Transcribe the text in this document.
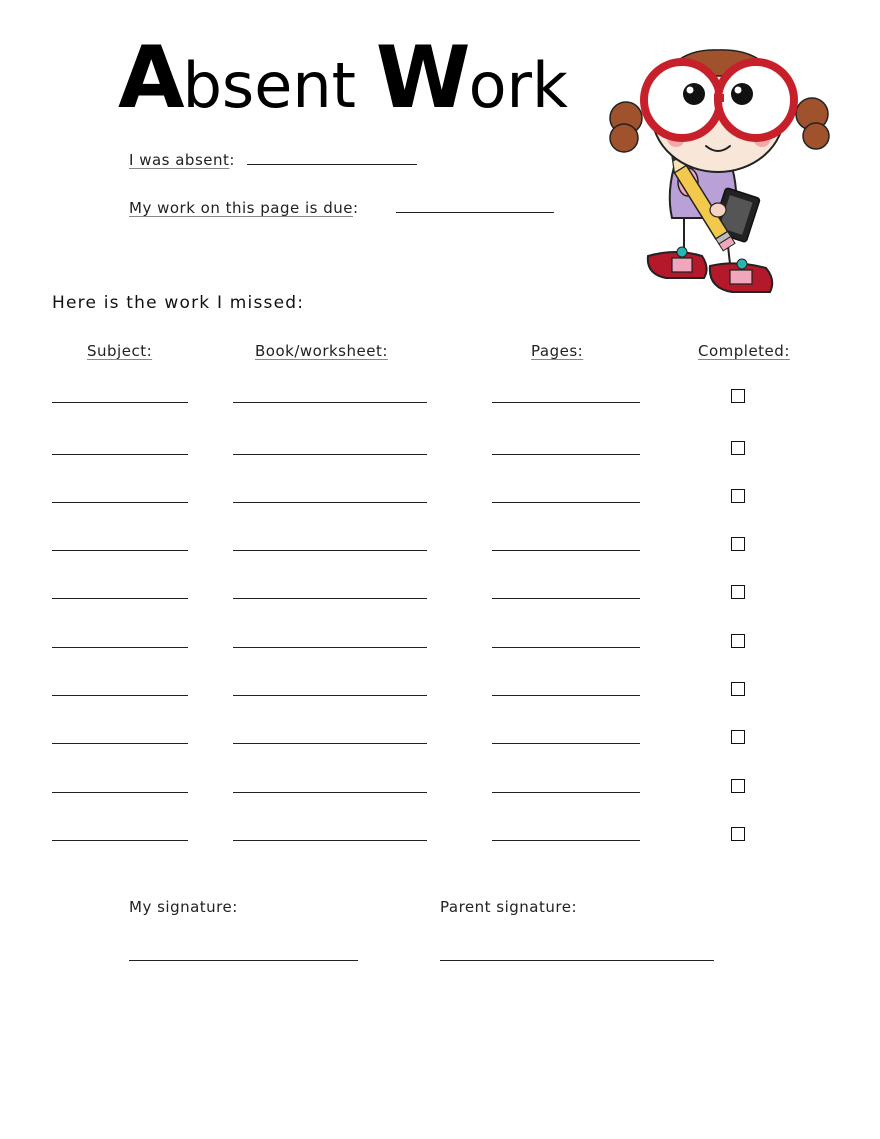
Absent Work
I was absent:
My work on this page is due:
Here is the work I missed:
Subject:	Book/worksheet:	Pages:	Completed:
My signature:	Parent signature:
